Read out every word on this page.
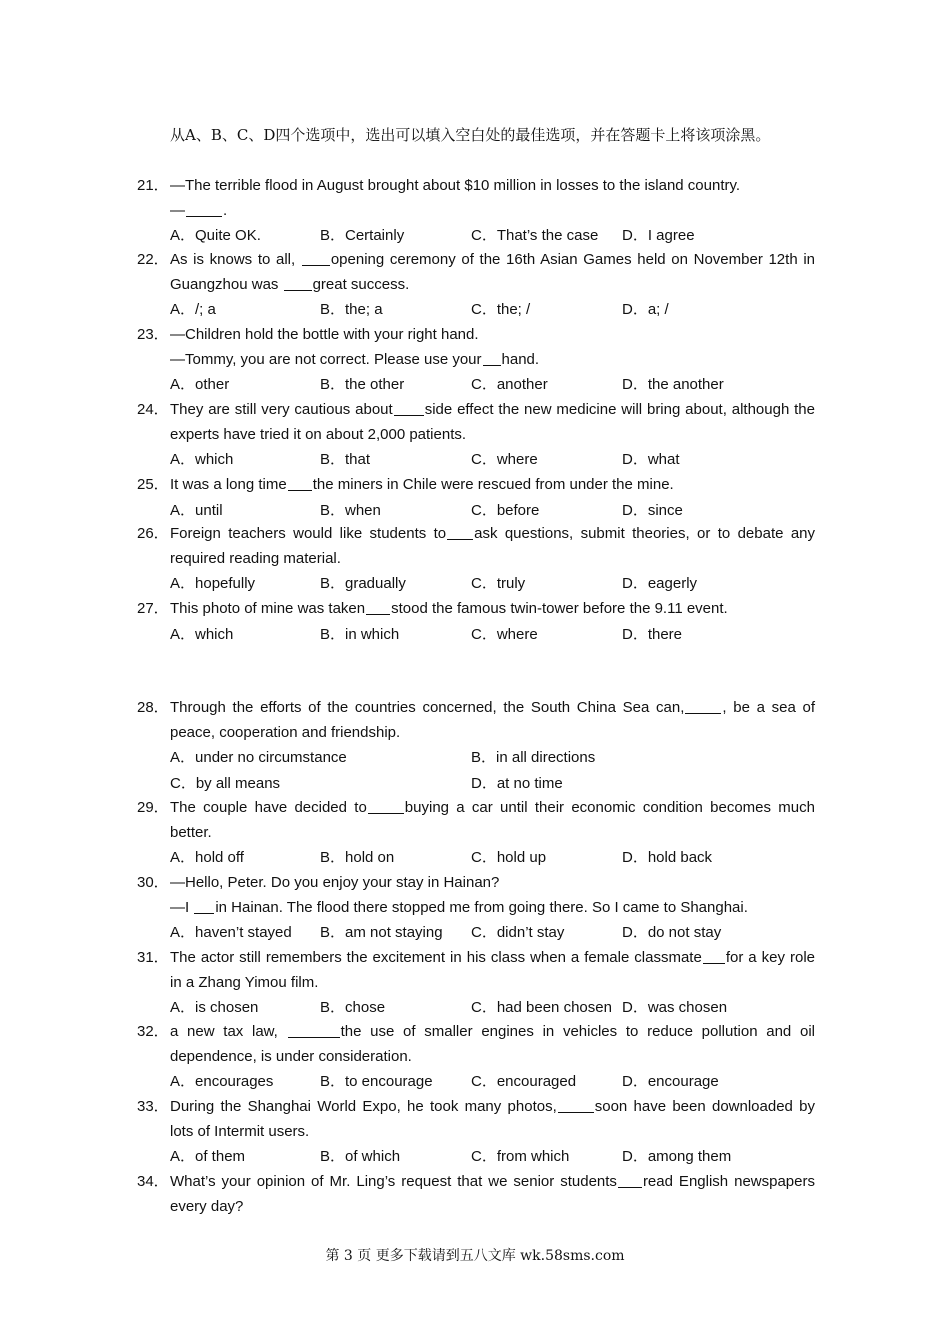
从A、B、C、D四个选项中，选出可以填入空白处的最佳选项，并在答题卡上将该项涂黑。
21． —The terrible flood in August brought about $10 million in losses to the island country.
—	.
A．Quite OK.	B．Certainly	C．That’s the case D．I agree
22． As is knows to all, opening ceremony of the 16th Asian Games held on November 12th in Guangzhou was great success.
A．/; a	B．the; a	C．the; /	D．a; /
23． —Children hold the bottle with your right hand.
—Tommy, you are not correct. Please use your hand.
A．other	B．the other	C．another	D．the another
24． They are still very cautious about side effect the new medicine will bring about, although the experts have tried it on about 2,000 patients.
A．which	B．that	C．where	D．what
25． It was a long time the miners in Chile were rescued from under the mine.
A．until	B．when	C．before	D．since
26． Foreign teachers would like students to ask questions, submit theories, or to debate any required reading material.
A．hopefully	B．gradually	C．truly	D．eagerly
27． This photo of mine was taken stood the famous twin-tower before the 9.11 event.
A．which	B．in which	C．where	D．there
28． Through the efforts of the countries concerned, the South China Sea can,	, be a sea of peace, cooperation and friendship.
A．under no circumstance	B．in all directions
C．by all means	D．at no time
29． The couple have decided to	buying a car until their economic condition becomes much better.
A．hold off	B．hold on	C．hold up	D．hold back
30． —Hello, Peter. Do you enjoy your stay in Hainan?
—I in Hainan. The flood there stopped me from going there. So I came to Shanghai.
A．haven’t stayed B．am not staying C．didn’t stay	D．do not stay
31． The actor still remembers the excitement in his class when a female classmate for a key role in a Zhang Yimou film.
A．is chosen	B．chose	C．had been chosen D．was chosen
32． a new tax law,	the use of smaller engines in vehicles to reduce pollution and oil dependence, is under consideration.
A．encourages	B．to encourage	C．encouraged	D．encourage
33． During the Shanghai World Expo, he took many photos,	soon have been downloaded by lots of Intermit users.
A．of them	B．of which	C．from which	D．among them
34． What’s your opinion of Mr. Ling’s request that we senior students read English newspapers every day?
第 3 页 更多下载请到五八文库 wk.58sms.com
